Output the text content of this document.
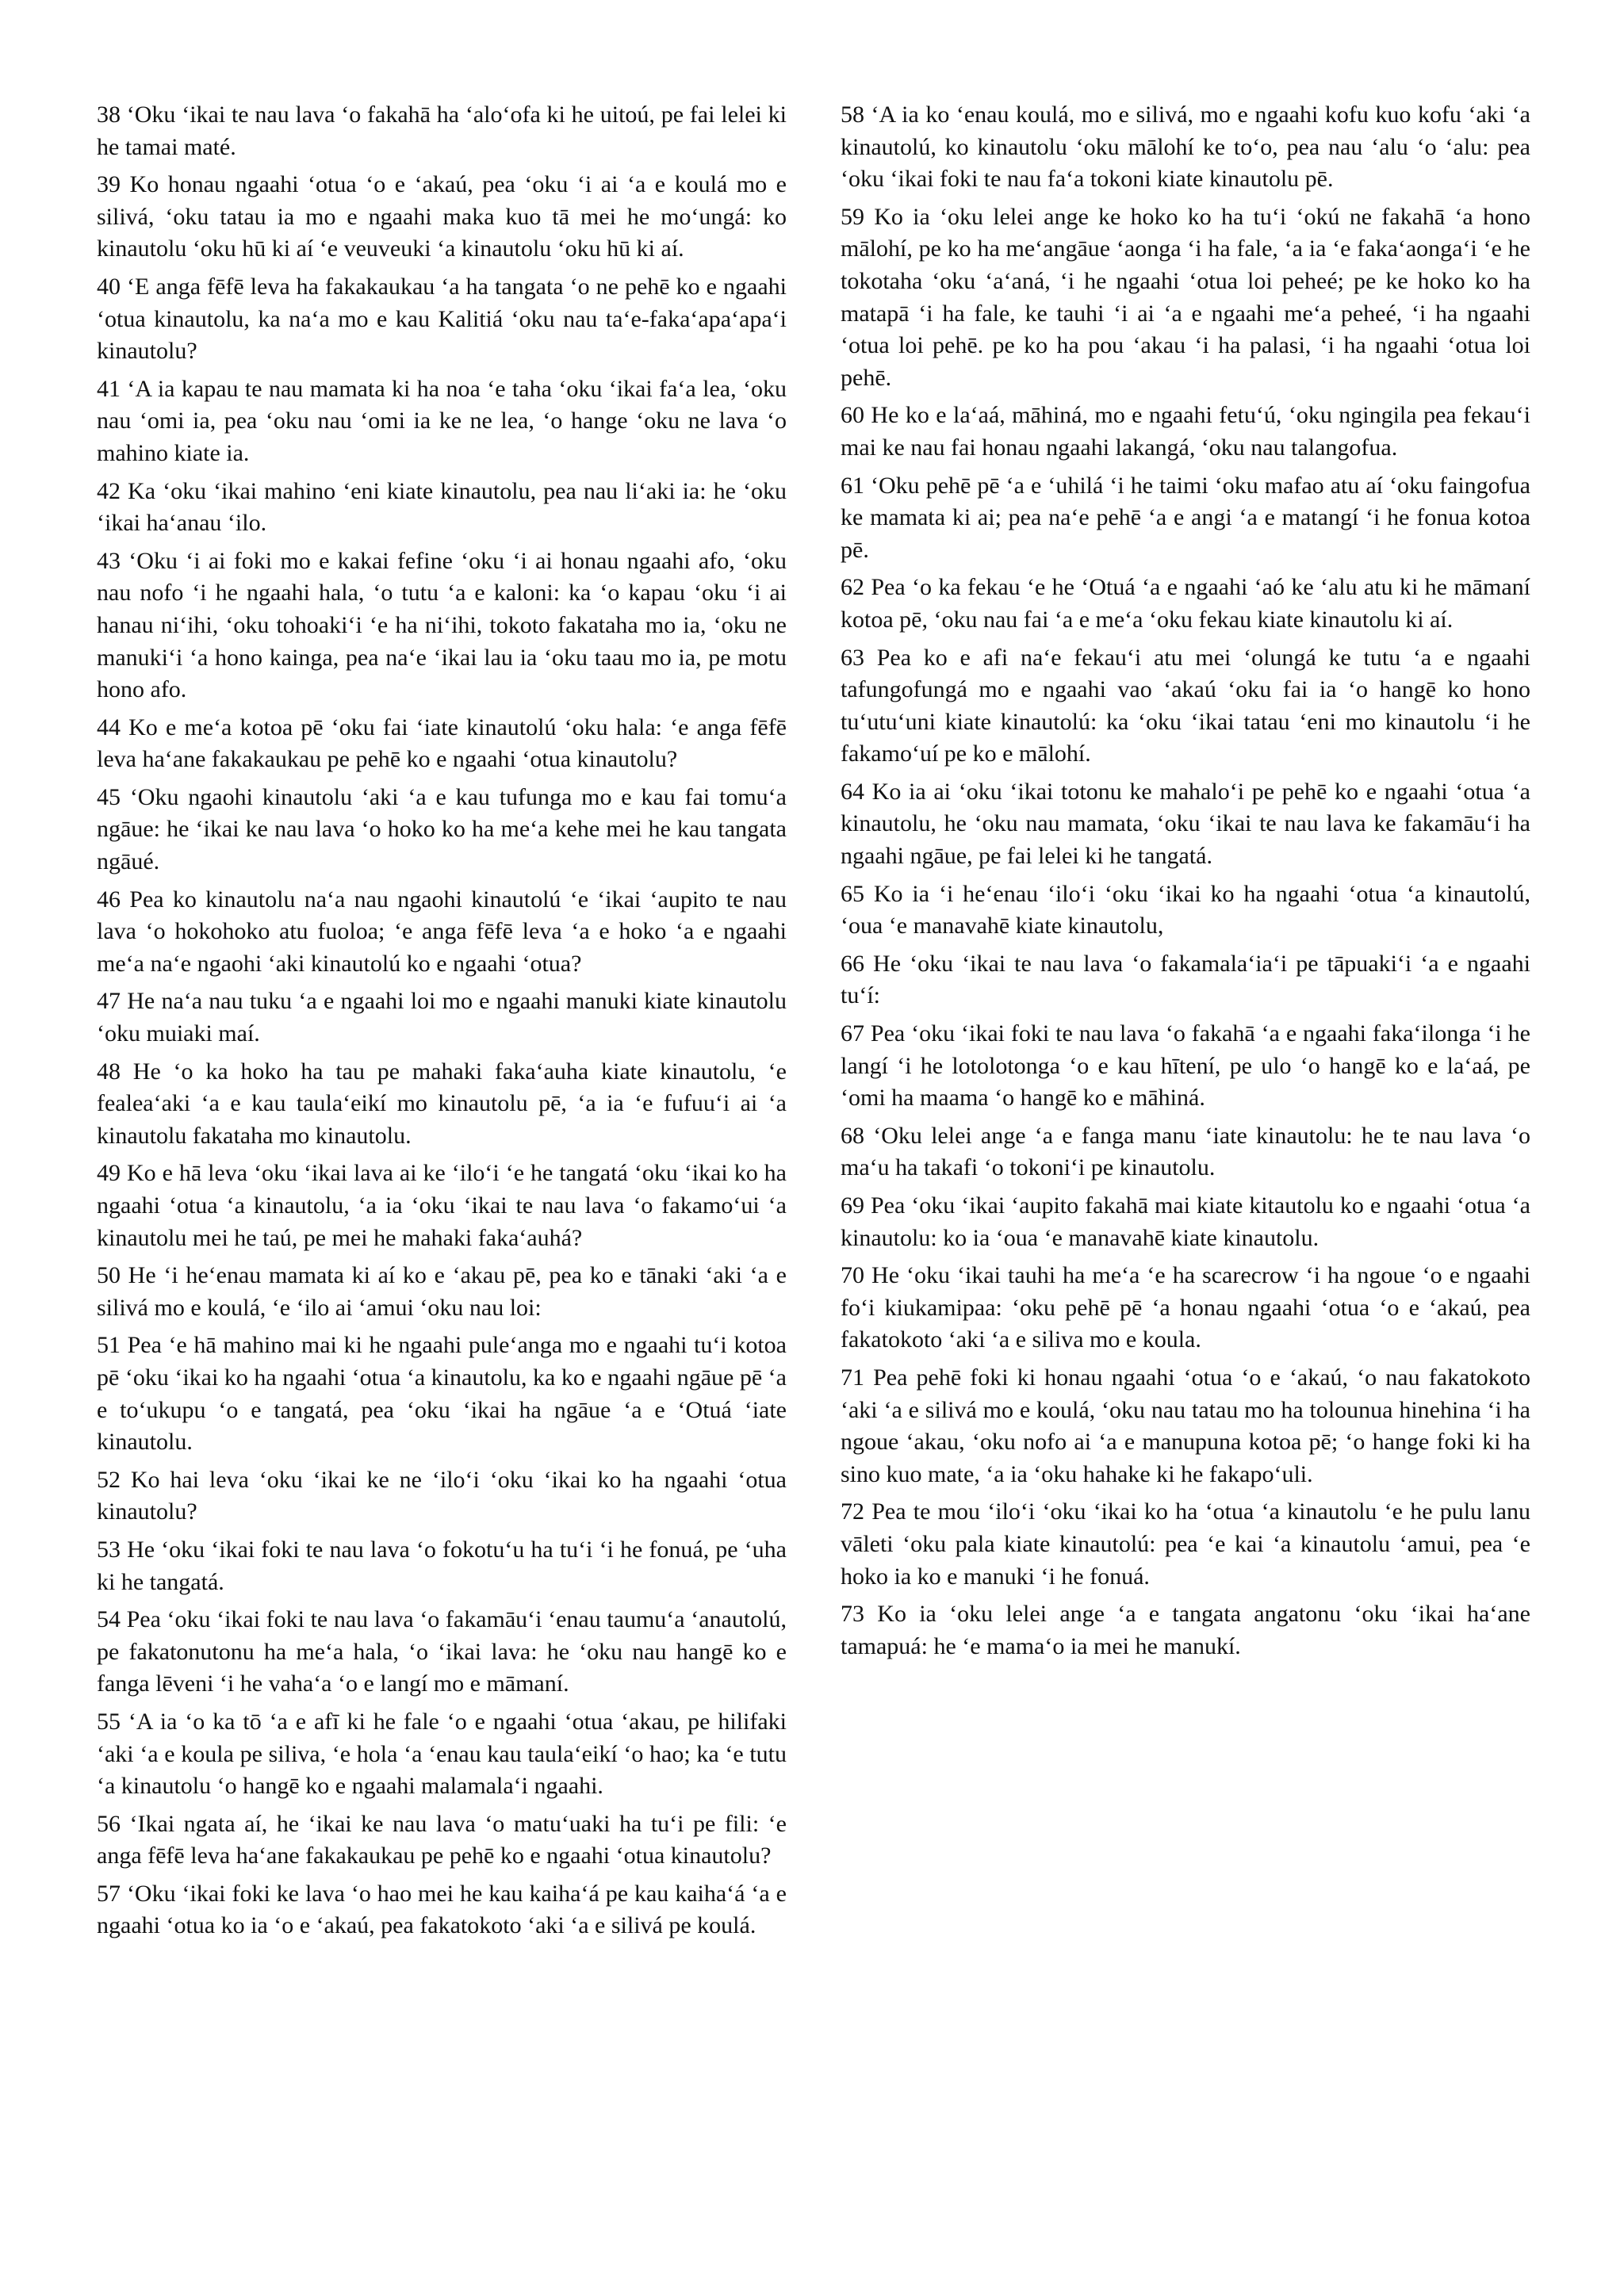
38 ‘Oku ‘ikai te nau lava ‘o fakahā ha ‘alo‘ofa ki he uitoú, pe fai lelei ki he tamai maté.

39 Ko honau ngaahi ‘otua ‘o e ‘akaú, pea ‘oku ‘i ai ‘a e koulá mo e silivá, ‘oku tatau ia mo e ngaahi maka kuo tā mei he mo‘ungá: ko kinautolu ‘oku hū ki aí ‘e veuveuki ‘a kinautolu ‘oku hū ki aí.

40 ‘E anga fēfē leva ha fakakaukau ‘a ha tangata ‘o ne pehē ko e ngaahi ‘otua kinautolu, ka na‘a mo e kau Kalitiá ‘oku nau ta‘e-faka‘apa‘apa‘i kinautolu?

41 ‘A ia kapau te nau mamata ki ha noa ‘e taha ‘oku ‘ikai fa‘a lea, ‘oku nau ‘omi ia, pea ‘oku nau ‘omi ia ke ne lea, ‘o hange ‘oku ne lava ‘o mahino kiate ia.

42 Ka ‘oku ‘ikai mahino ‘eni kiate kinautolu, pea nau li‘aki ia: he ‘oku ‘ikai ha‘anau ‘ilo.

43 ‘Oku ‘i ai foki mo e kakai fefine ‘oku ‘i ai honau ngaahi afo, ‘oku nau nofo ‘i he ngaahi hala, ‘o tutu ‘a e kaloni: ka ‘o kapau ‘oku ‘i ai hanau ni‘ihi, ‘oku tohoaki‘i ‘e ha ni‘ihi, tokoto fakataha mo ia, ‘oku ne manuki‘i ‘a hono kainga, pea na‘e ‘ikai lau ia ‘oku taau mo ia, pe motu hono afo.

44 Ko e me‘a kotoa pē ‘oku fai ‘iate kinautolú ‘oku hala: ‘e anga fēfē leva ha‘ane fakakaukau pe pehē ko e ngaahi ‘otua kinautolu?

45 ‘Oku ngaohi kinautolu ‘aki ‘a e kau tufunga mo e kau fai tomu‘a ngāue: he ‘ikai ke nau lava ‘o hoko ko ha me‘a kehe mei he kau tangata ngāué.

46 Pea ko kinautolu na‘a nau ngaohi kinautolú ‘e ‘ikai ‘aupito te nau lava ‘o hokohoko atu fuoloa; ‘e anga fēfē leva ‘a e hoko ‘a e ngaahi me‘a na‘e ngaohi ‘aki kinautolú ko e ngaahi ‘otua?

47 He na‘a nau tuku ‘a e ngaahi loi mo e ngaahi manuki kiate kinautolu ‘oku muiaki maí.

48 He ‘o ka hoko ha tau pe mahaki faka‘auha kiate kinautolu, ‘e fealea‘aki ‘a e kau taula‘eikí mo kinautolu pē, ‘a ia ‘e fufuu‘i ai ‘a kinautolu fakataha mo kinautolu.

49 Ko e hā leva ‘oku ‘ikai lava ai ke ‘ilo‘i ‘e he tangatá ‘oku ‘ikai ko ha ngaahi ‘otua ‘a kinautolu, ‘a ia ‘oku ‘ikai te nau lava ‘o fakamo‘ui ‘a kinautolu mei he taú, pe mei he mahaki faka‘auhá?

50 He ‘i he‘enau mamata ki aí ko e ‘akau pē, pea ko e tānaki ‘aki ‘a e silivá mo e koulá, ‘e ‘ilo ai ‘amui ‘oku nau loi:

51 Pea ‘e hā mahino mai ki he ngaahi pule‘anga mo e ngaahi tu‘i kotoa pē ‘oku ‘ikai ko ha ngaahi ‘otua ‘a kinautolu, ka ko e ngaahi ngāue pē ‘a e to‘ukupu ‘o e tangatá, pea ‘oku ‘ikai ha ngāue ‘a e ‘Otuá ‘iate kinautolu.

52 Ko hai leva ‘oku ‘ikai ke ne ‘ilo‘i ‘oku ‘ikai ko ha ngaahi ‘otua kinautolu?

53 He ‘oku ‘ikai foki te nau lava ‘o fokotu‘u ha tu‘i ‘i he fonuá, pe ‘uha ki he tangatá.

54 Pea ‘oku ‘ikai foki te nau lava ‘o fakamāu‘i ‘enau taumu‘a ‘anautolú, pe fakatonutonu ha me‘a hala, ‘o ‘ikai lava: he ‘oku nau hangē ko e fanga lēveni ‘i he vaha‘a ‘o e langí mo e māmaní.

55 ‘A ia ‘o ka tō ‘a e afī ki he fale ‘o e ngaahi ‘otua ‘akau, pe hilifaki ‘aki ‘a e koula pe siliva, ‘e hola ‘a ‘enau kau taula‘eikí ‘o hao; ka ‘e tutu ‘a kinautolu ‘o hangē ko e ngaahi malamala‘i ngaahi.

56 ‘Ikai ngata aí, he ‘ikai ke nau lava ‘o matu‘uaki ha tu‘i pe fili: ‘e anga fēfē leva ha‘ane fakakaukau pe pehē ko e ngaahi ‘otua kinautolu?

57 ‘Oku ‘ikai foki ke lava ‘o hao mei he kau kaiha‘á pe kau kaiha‘á ‘a e ngaahi ‘otua ko ia ‘o e ‘akaú, pea fakatokoto ‘aki ‘a e silivá pe koulá.

58 ‘A ia ko ‘enau koulá, mo e silivá, mo e ngaahi kofu kuo kofu ‘aki ‘a kinautolú, ko kinautolu ‘oku mālohí ke to‘o, pea nau ‘alu ‘o ‘alu: pea ‘oku ‘ikai foki te nau fa‘a tokoni kiate kinautolu pē.

59 Ko ia ‘oku lelei ange ke hoko ko ha tu‘i ‘okú ne fakahā ‘a hono mālohí, pe ko ha me‘angāue ‘aonga ‘i ha fale, ‘a ia ‘e faka‘aonga‘i ‘e he tokotaha ‘oku ‘a‘aná, ‘i he ngaahi ‘otua loi peheé; pe ke hoko ko ha matapā ‘i ha fale, ke tauhi ‘i ai ‘a e ngaahi me‘a peheé, ‘i ha ngaahi ‘otua loi pehē. pe ko ha pou ‘akau ‘i ha palasi, ‘i ha ngaahi ‘otua loi pehē.

60 He ko e la‘aá, māhiná, mo e ngaahi fetu‘ú, ‘oku ngingila pea fekau‘i mai ke nau fai honau ngaahi lakangá, ‘oku nau talangofua.

61 ‘Oku pehē pē ‘a e ‘uhilá ‘i he taimi ‘oku mafao atu aí ‘oku faingofua ke mamata ki ai; pea na‘e pehē ‘a e angi ‘a e matangí ‘i he fonua kotoa pē.

62 Pea ‘o ka fekau ‘e he ‘Otuá ‘a e ngaahi ‘aó ke ‘alu atu ki he māmaní kotoa pē, ‘oku nau fai ‘a e me‘a ‘oku fekau kiate kinautolu ki aí.

63 Pea ko e afi na‘e fekau‘i atu mei ‘olungá ke tutu ‘a e ngaahi tafungofungá mo e ngaahi vao ‘akaú ‘oku fai ia ‘o hangē ko hono tu‘utu‘uni kiate kinautolú: ka ‘oku ‘ikai tatau ‘eni mo kinautolu ‘i he fakamo‘uí pe ko e mālohí.

64 Ko ia ai ‘oku ‘ikai totonu ke mahalo‘i pe pehē ko e ngaahi ‘otua ‘a kinautolu, he ‘oku nau mamata, ‘oku ‘ikai te nau lava ke fakamāu‘i ha ngaahi ngāue, pe fai lelei ki he tangatá.

65 Ko ia ‘i he‘enau ‘ilo‘i ‘oku ‘ikai ko ha ngaahi ‘otua ‘a kinautolú, ‘oua ‘e manavahē kiate kinautolu,

66 He ‘oku ‘ikai te nau lava ‘o fakamala‘ia‘i pe tāpuaki‘i ‘a e ngaahi tu‘í:

67 Pea ‘oku ‘ikai foki te nau lava ‘o fakahā ‘a e ngaahi faka‘ilonga ‘i he langí ‘i he lotolotonga ‘o e kau hītení, pe ulo ‘o hangē ko e la‘aá, pe ‘omi ha maama ‘o hangē ko e māhiná.

68 ‘Oku lelei ange ‘a e fanga manu ‘iate kinautolu: he te nau lava ‘o ma‘u ha takafi ‘o tokoni‘i pe kinautolu.

69 Pea ‘oku ‘ikai ‘aupito fakahā mai kiate kitautolu ko e ngaahi ‘otua ‘a kinautolu: ko ia ‘oua ‘e manavahē kiate kinautolu.

70 He ‘oku ‘ikai tauhi ha me‘a ‘e ha scarecrow ‘i ha ngoue ‘o e ngaahi fo‘i kiukamipaa: ‘oku pehē pē ‘a honau ngaahi ‘otua ‘o e ‘akaú, pea fakatokoto ‘aki ‘a e siliva mo e koula.

71 Pea pehē foki ki honau ngaahi ‘otua ‘o e ‘akaú, ‘o nau fakatokoto ‘aki ‘a e silivá mo e koulá, ‘oku nau tatau mo ha tolounua hinehina ‘i ha ngoue ‘akau, ‘oku nofo ai ‘a e manupuna kotoa pē; ‘o hange foki ki ha sino kuo mate, ‘a ia ‘oku hahake ki he fakapo‘uli.

72 Pea te mou ‘ilo‘i ‘oku ‘ikai ko ha ‘otua ‘a kinautolu ‘e he pulu lanu vāleti ‘oku pala kiate kinautolú: pea ‘e kai ‘a kinautolu ‘amui, pea ‘e hoko ia ko e manuki ‘i he fonuá.

73 Ko ia ‘oku lelei ange ‘a e tangata angatonu ‘oku ‘ikai ha‘ane tamapuá: he ‘e mama‘o ia mei he manukí.
